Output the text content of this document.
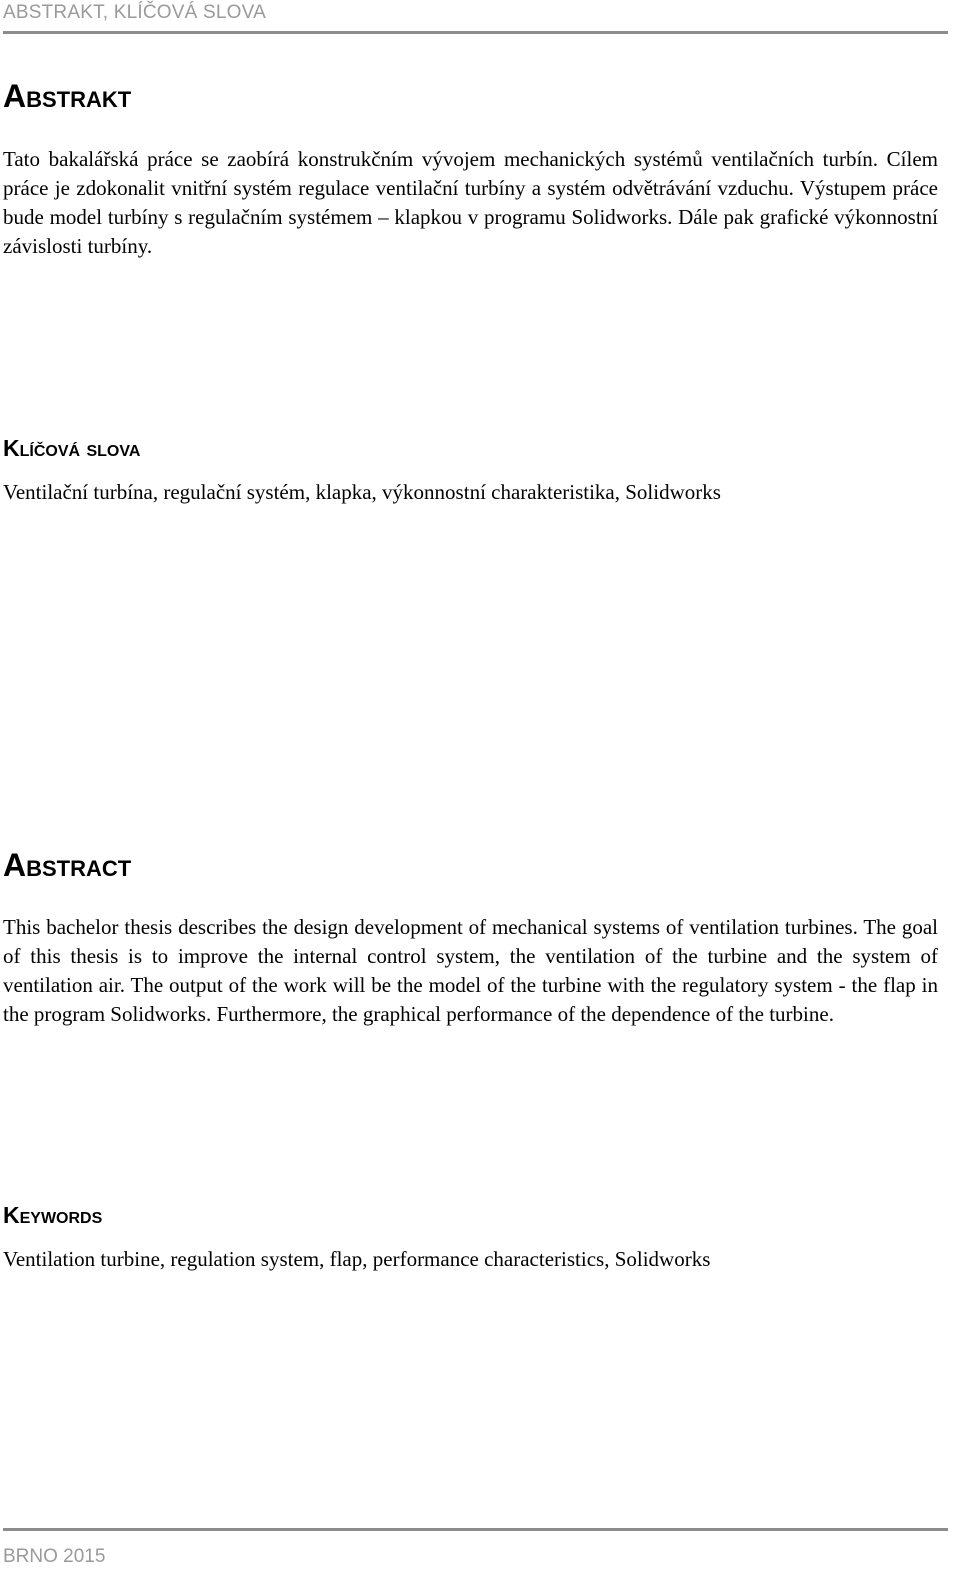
ABSTRAKT, KLÍČOVÁ SLOVA
Abstrakt
Tato bakalářská práce se zaobírá konstrukčním vývojem mechanických systémů ventilačních turbín. Cílem práce je zdokonalit vnitřní systém regulace ventilační turbíny a systém odvětrávání vzduchu. Výstupem práce bude model turbíny s regulačním systémem – klapkou v programu Solidworks. Dále pak grafické výkonnostní závislosti turbíny.
Klíčová slova
Ventilační turbína, regulační systém, klapka, výkonnostní charakteristika, Solidworks
Abstract
This bachelor thesis describes the design development of mechanical systems of ventilation turbines. The goal of this thesis is to improve the internal control system, the ventilation of the turbine and the system of ventilation air. The output of the work will be the model of the turbine with the regulatory system - the flap in the program Solidworks. Furthermore, the graphical performance of the dependence of the turbine.
Keywords
Ventilation turbine, regulation system, flap, performance characteristics, Solidworks
BRNO 2015
